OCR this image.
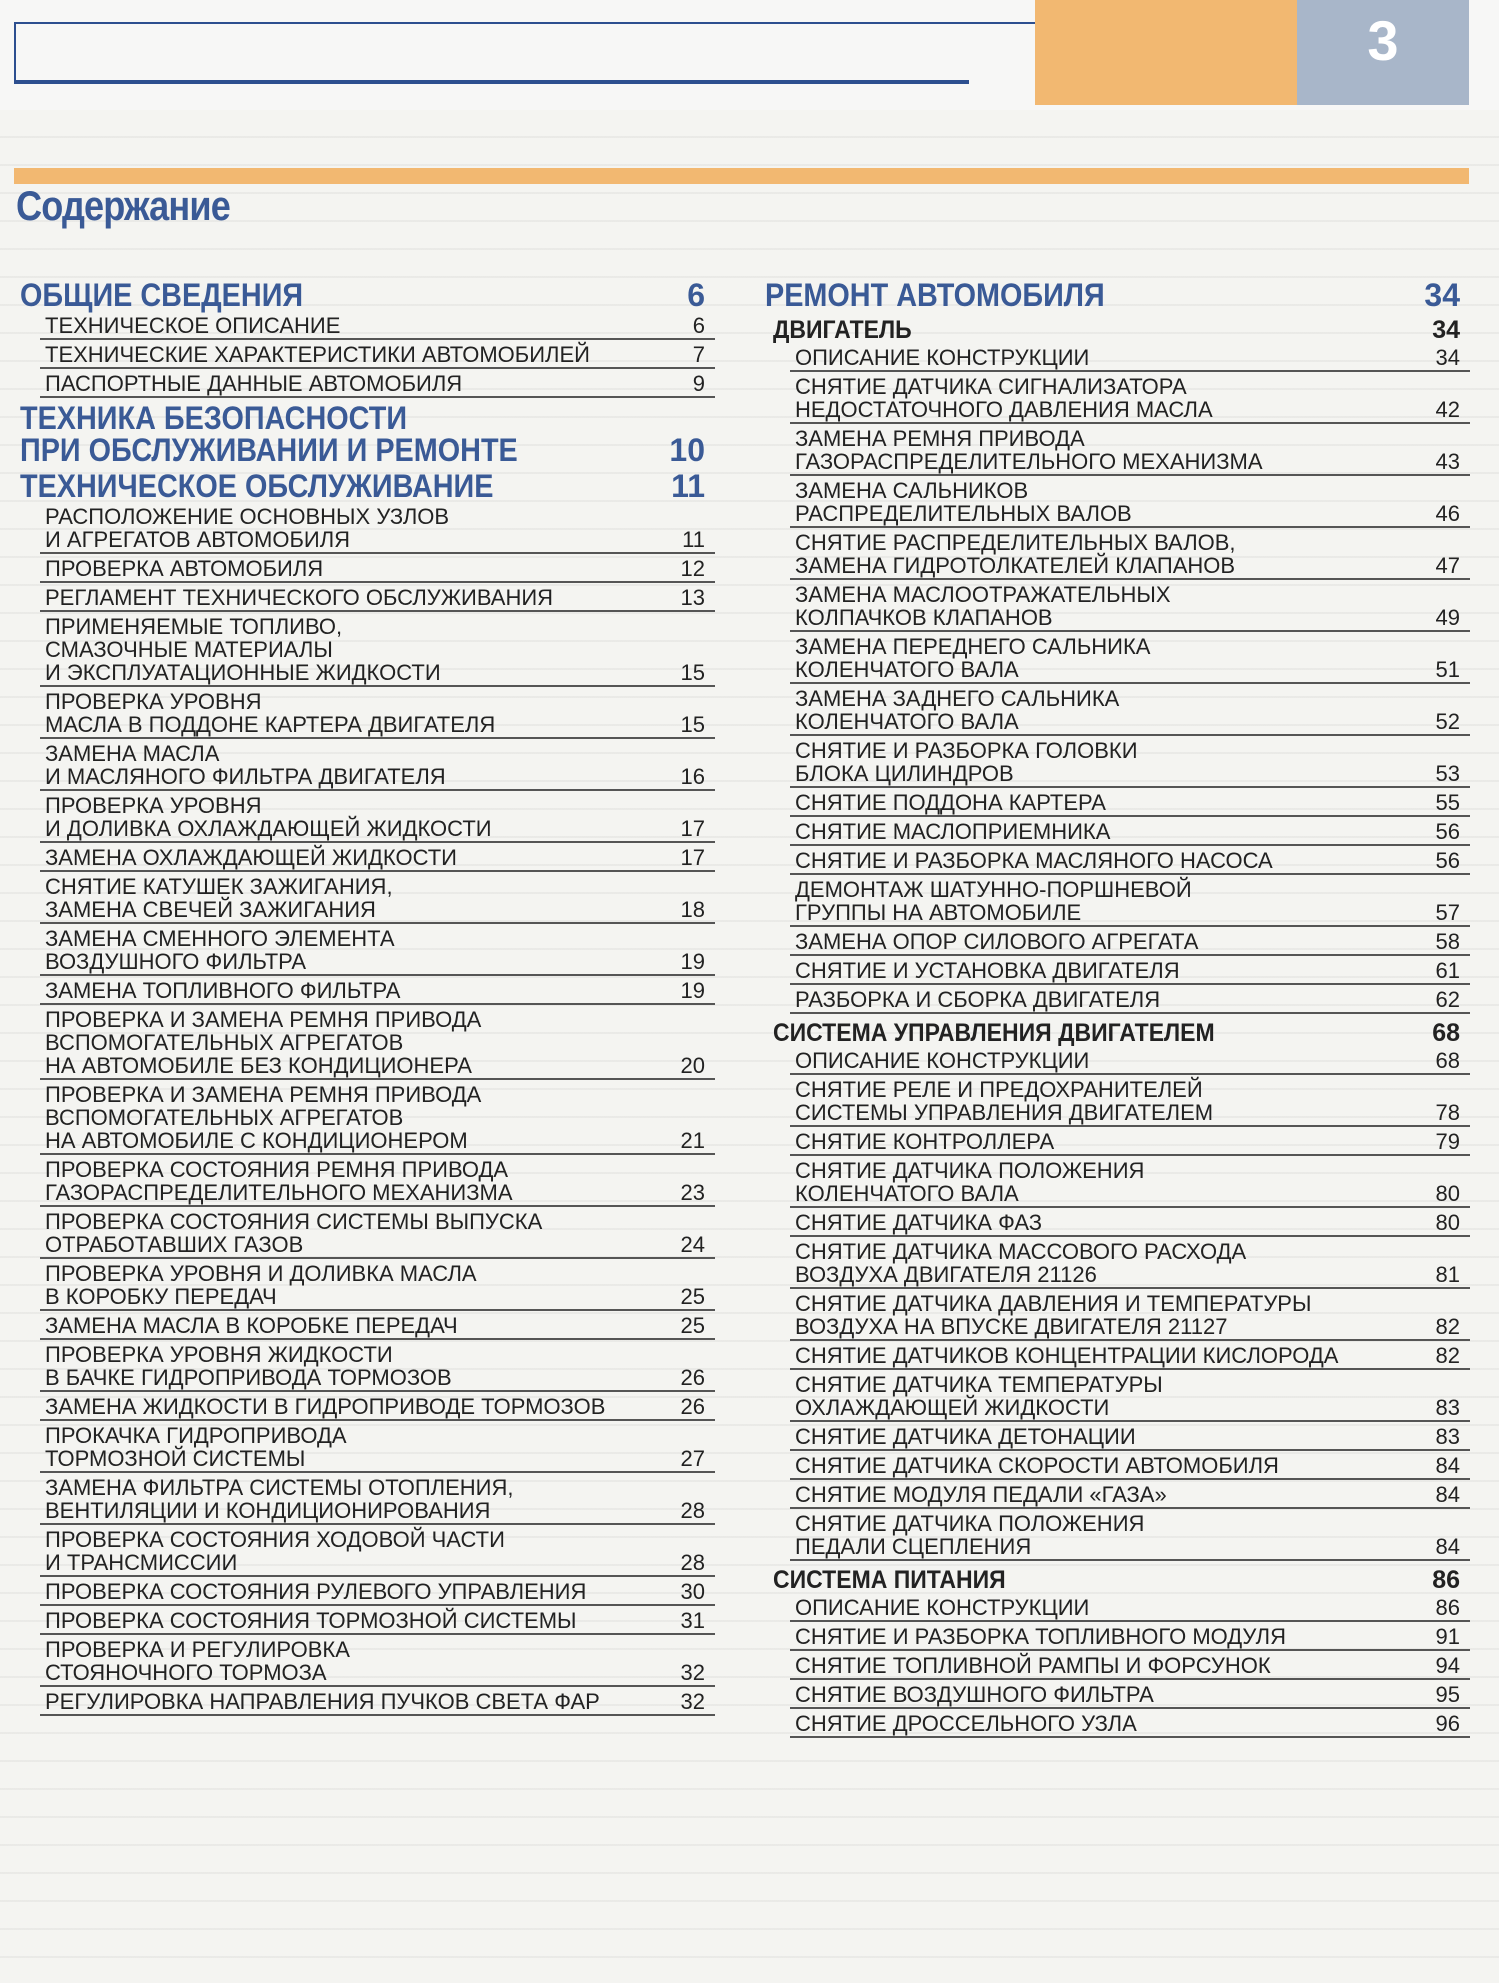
3
Содержание
ОБЩИЕ СВЕДЕНИЯ	6
ТЕХНИЧЕСКОЕ ОПИСАНИЕ	6
ТЕХНИЧЕСКИЕ ХАРАКТЕРИСТИКИ АВТОМОБИЛЕЙ	7
ПАСПОРТНЫЕ ДАННЫЕ АВТОМОБИЛЯ	9
ТЕХНИКА БЕЗОПАСНОСТИ
ПРИ ОБСЛУЖИВАНИИ И РЕМОНТЕ	10
ТЕХНИЧЕСКОЕ ОБСЛУЖИВАНИЕ	11
РАСПОЛОЖЕНИЕ ОСНОВНЫХ УЗЛОВ
И АГРЕГАТОВ АВТОМОБИЛЯ	11
ПРОВЕРКА АВТОМОБИЛЯ	12
РЕГЛАМЕНТ ТЕХНИЧЕСКОГО ОБСЛУЖИВАНИЯ	13
ПРИМЕНЯЕМЫЕ ТОПЛИВО,
СМАЗОЧНЫЕ МАТЕРИАЛЫ
И ЭКСПЛУАТАЦИОННЫЕ ЖИДКОСТИ	15
ПРОВЕРКА УРОВНЯ
МАСЛА В ПОДДОНЕ КАРТЕРА ДВИГАТЕЛЯ	15
ЗАМЕНА МАСЛА
И МАСЛЯНОГО ФИЛЬТРА ДВИГАТЕЛЯ	16
ПРОВЕРКА УРОВНЯ
И ДОЛИВКА ОХЛАЖДАЮЩЕЙ ЖИДКОСТИ	17
ЗАМЕНА ОХЛАЖДАЮЩЕЙ ЖИДКОСТИ	17
СНЯТИЕ КАТУШЕК ЗАЖИГАНИЯ,
ЗАМЕНА СВЕЧЕЙ ЗАЖИГАНИЯ	18
ЗАМЕНА СМЕННОГО ЭЛЕМЕНТА
ВОЗДУШНОГО ФИЛЬТРА	19
ЗАМЕНА ТОПЛИВНОГО ФИЛЬТРА	19
ПРОВЕРКА И ЗАМЕНА РЕМНЯ ПРИВОДА
ВСПОМОГАТЕЛЬНЫХ АГРЕГАТОВ
НА АВТОМОБИЛЕ БЕЗ КОНДИЦИОНЕРА	20
ПРОВЕРКА И ЗАМЕНА РЕМНЯ ПРИВОДА
ВСПОМОГАТЕЛЬНЫХ АГРЕГАТОВ
НА АВТОМОБИЛЕ С КОНДИЦИОНЕРОМ	21
ПРОВЕРКА СОСТОЯНИЯ РЕМНЯ ПРИВОДА
ГАЗОРАСПРЕДЕЛИТЕЛЬНОГО МЕХАНИЗМА	23
ПРОВЕРКА СОСТОЯНИЯ СИСТЕМЫ ВЫПУСКА
ОТРАБОТАВШИХ ГАЗОВ	24
ПРОВЕРКА УРОВНЯ И ДОЛИВКА МАСЛА
В КОРОБКУ ПЕРЕДАЧ	25
ЗАМЕНА МАСЛА В КОРОБКЕ ПЕРЕДАЧ	25
ПРОВЕРКА УРОВНЯ ЖИДКОСТИ
В БАЧКЕ ГИДРОПРИВОДА ТОРМОЗОВ	26
ЗАМЕНА ЖИДКОСТИ В ГИДРОПРИВОДЕ ТОРМОЗОВ	26
ПРОКАЧКА ГИДРОПРИВОДА
ТОРМОЗНОЙ СИСТЕМЫ	27
ЗАМЕНА ФИЛЬТРА СИСТЕМЫ ОТОПЛЕНИЯ,
ВЕНТИЛЯЦИИ И КОНДИЦИОНИРОВАНИЯ	28
ПРОВЕРКА СОСТОЯНИЯ ХОДОВОЙ ЧАСТИ
И ТРАНСМИССИИ	28
ПРОВЕРКА СОСТОЯНИЯ РУЛЕВОГО УПРАВЛЕНИЯ	30
ПРОВЕРКА СОСТОЯНИЯ ТОРМОЗНОЙ СИСТЕМЫ	31
ПРОВЕРКА И РЕГУЛИРОВКА
СТОЯНОЧНОГО ТОРМОЗА	32
РЕГУЛИРОВКА НАПРАВЛЕНИЯ ПУЧКОВ СВЕТА ФАР	32
РЕМОНТ АВТОМОБИЛЯ	34
ДВИГАТЕЛЬ	34
ОПИСАНИЕ КОНСТРУКЦИИ	34
СНЯТИЕ ДАТЧИКА СИГНАЛИЗАТОРА
НЕДОСТАТОЧНОГО ДАВЛЕНИЯ МАСЛА	42
ЗАМЕНА РЕМНЯ ПРИВОДА
ГАЗОРАСПРЕДЕЛИТЕЛЬНОГО МЕХАНИЗМА	43
ЗАМЕНА САЛЬНИКОВ
РАСПРЕДЕЛИТЕЛЬНЫХ ВАЛОВ	46
СНЯТИЕ РАСПРЕДЕЛИТЕЛЬНЫХ ВАЛОВ,
ЗАМЕНА ГИДРОТОЛКАТЕЛЕЙ КЛАПАНОВ	47
ЗАМЕНА МАСЛООТРАЖАТЕЛЬНЫХ
КОЛПАЧКОВ КЛАПАНОВ	49
ЗАМЕНА ПЕРЕДНЕГО САЛЬНИКА
КОЛЕНЧАТОГО ВАЛА	51
ЗАМЕНА ЗАДНЕГО САЛЬНИКА
КОЛЕНЧАТОГО ВАЛА	52
СНЯТИЕ И РАЗБОРКА ГОЛОВКИ
БЛОКА ЦИЛИНДРОВ	53
СНЯТИЕ ПОДДОНА КАРТЕРА	55
СНЯТИЕ МАСЛОПРИЕМНИКА	56
СНЯТИЕ И РАЗБОРКА МАСЛЯНОГО НАСОСА	56
ДЕМОНТАЖ ШАТУННО-ПОРШНЕВОЙ
ГРУППЫ НА АВТОМОБИЛЕ	57
ЗАМЕНА ОПОР СИЛОВОГО АГРЕГАТА	58
СНЯТИЕ И УСТАНОВКА ДВИГАТЕЛЯ	61
РАЗБОРКА И СБОРКА ДВИГАТЕЛЯ	62
СИСТЕМА УПРАВЛЕНИЯ ДВИГАТЕЛЕМ	68
ОПИСАНИЕ КОНСТРУКЦИИ	68
СНЯТИЕ РЕЛЕ И ПРЕДОХРАНИТЕЛЕЙ
СИСТЕМЫ УПРАВЛЕНИЯ ДВИГАТЕЛЕМ	78
СНЯТИЕ КОНТРОЛЛЕРА	79
СНЯТИЕ ДАТЧИКА ПОЛОЖЕНИЯ
КОЛЕНЧАТОГО ВАЛА	80
СНЯТИЕ ДАТЧИКА ФАЗ	80
СНЯТИЕ ДАТЧИКА МАССОВОГО РАСХОДА
ВОЗДУХА ДВИГАТЕЛЯ 21126	81
СНЯТИЕ ДАТЧИКА ДАВЛЕНИЯ И ТЕМПЕРАТУРЫ
ВОЗДУХА НА ВПУСКЕ ДВИГАТЕЛЯ 21127	82
СНЯТИЕ ДАТЧИКОВ КОНЦЕНТРАЦИИ КИСЛОРОДА	82
СНЯТИЕ ДАТЧИКА ТЕМПЕРАТУРЫ
ОХЛАЖДАЮЩЕЙ ЖИДКОСТИ	83
СНЯТИЕ ДАТЧИКА ДЕТОНАЦИИ	83
СНЯТИЕ ДАТЧИКА СКОРОСТИ АВТОМОБИЛЯ	84
СНЯТИЕ МОДУЛЯ ПЕДАЛИ «ГАЗА»	84
СНЯТИЕ ДАТЧИКА ПОЛОЖЕНИЯ
ПЕДАЛИ СЦЕПЛЕНИЯ	84
СИСТЕМА ПИТАНИЯ	86
ОПИСАНИЕ КОНСТРУКЦИИ	86
СНЯТИЕ И РАЗБОРКА ТОПЛИВНОГО МОДУЛЯ	91
СНЯТИЕ ТОПЛИВНОЙ РАМПЫ И ФОРСУНОК	94
СНЯТИЕ ВОЗДУШНОГО ФИЛЬТРА	95
СНЯТИЕ ДРОССЕЛЬНОГО УЗЛА	96
